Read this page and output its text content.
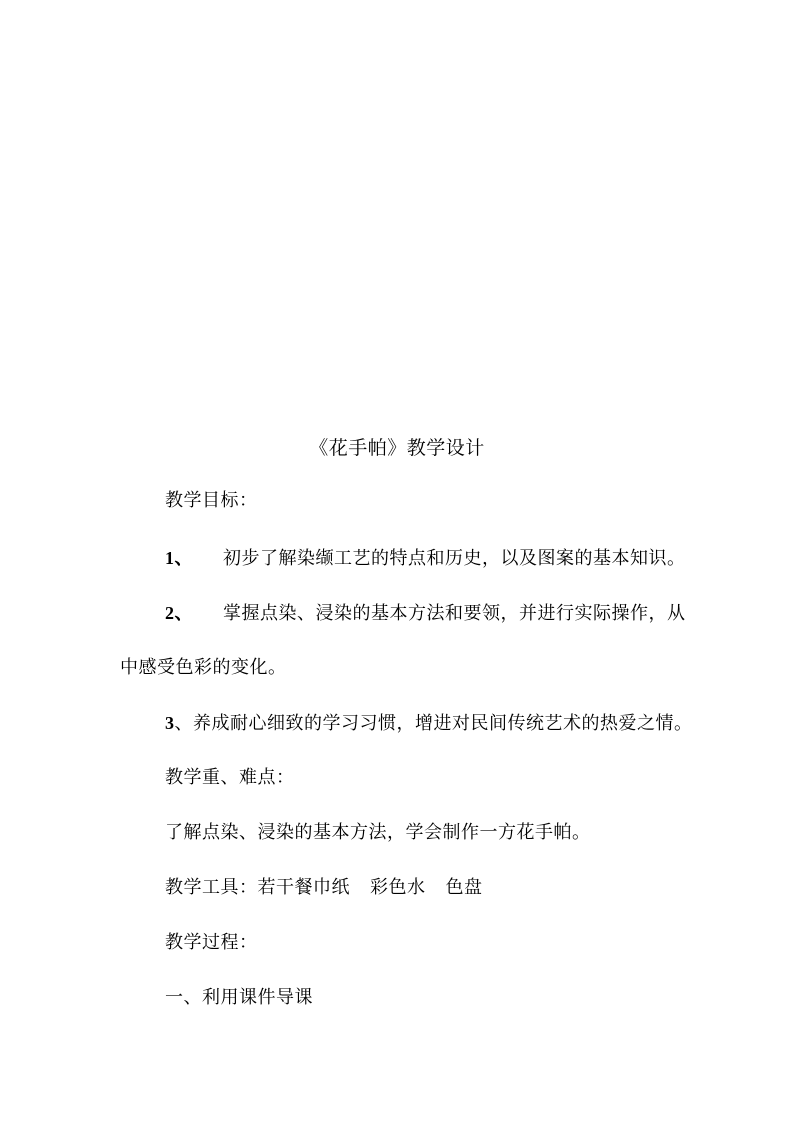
《花手帕》教学设计
教学目标：
1、 初步了解染缬工艺的特点和历史，以及图案的基本知识。
2、 掌握点染、浸染的基本方法和要领，并进行实际操作，从
中感受色彩的变化。
3、养成耐心细致的学习习惯，增进对民间传统艺术的热爱之情。
教学重、难点：
了解点染、浸染的基本方法，学会制作一方花手帕。
教学工具：若干餐巾纸 彩色水 色盘
教学过程：
一、利用课件导课
